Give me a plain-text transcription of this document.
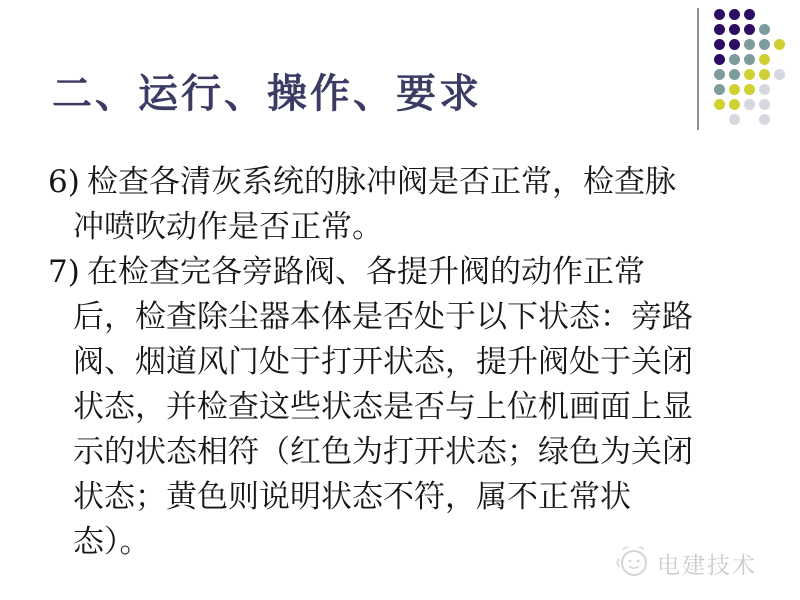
二、运行、操作、要求
6) 检查各清灰系统的脉冲阀是否正常，检查脉
冲喷吹动作是否正常。
7) 在检查完各旁路阀、各提升阀的动作正常
后，检查除尘器本体是否处于以下状态：旁路
阀、烟道风门处于打开状态，提升阀处于关闭
状态，并检查这些状态是否与上位机画面上显
示的状态相符（红色为打开状态；绿色为关闭
状态；黄色则说明状态不符，属不正常状
态）。
电建技术
